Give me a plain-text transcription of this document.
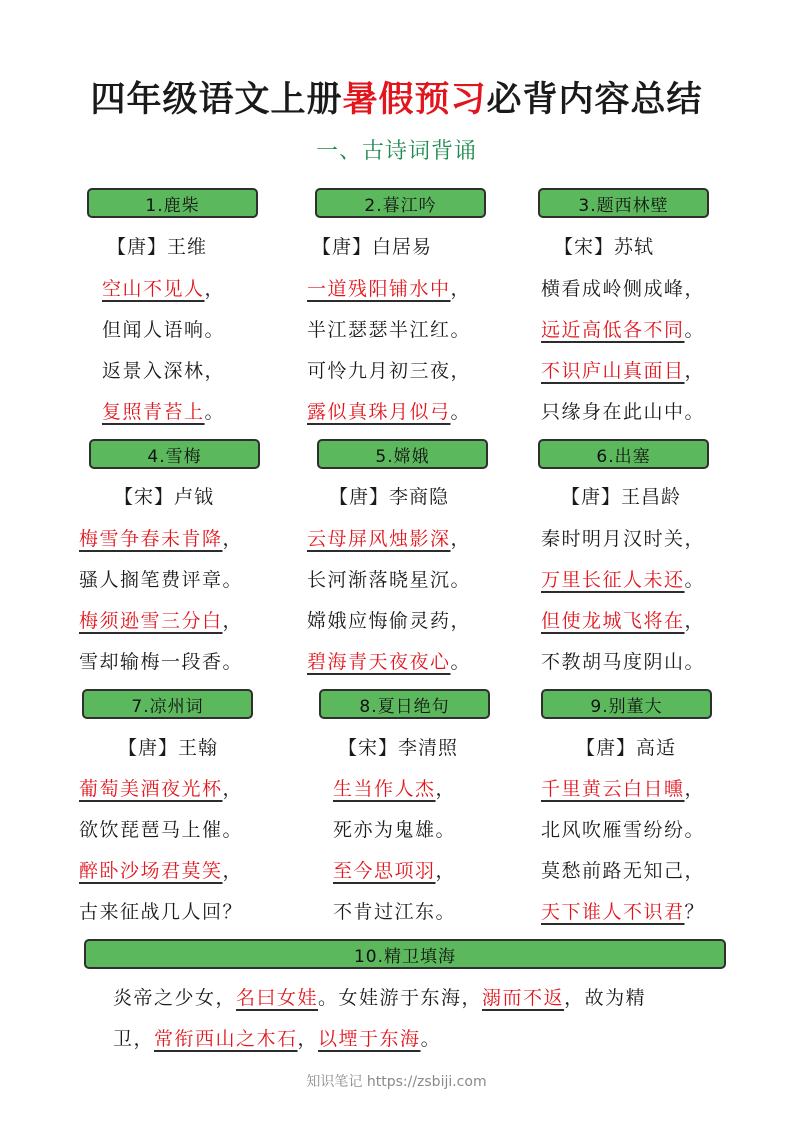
四年级语文上册暑假预习必背内容总结
一、古诗词背诵
1.鹿柴	2.暮江吟	3.题西林壁
【唐】王维	【唐】白居易	【宋】苏轼
空山不见人，
但闻人语响。
返景入深林，
复照青苔上。
一道残阳铺水中，
半江瑟瑟半江红。
可怜九月初三夜，
露似真珠月似弓。
横看成岭侧成峰，
远近高低各不同。
不识庐山真面目，
只缘身在此山中。
4.雪梅	5.嫦娥	6.出塞
【宋】卢钺	【唐】李商隐	【唐】王昌龄
梅雪争春未肯降，
骚人搁笔费评章。
梅须逊雪三分白，
雪却输梅一段香。
云母屏风烛影深，
长河渐落晓星沉。
嫦娥应悔偷灵药，
碧海青天夜夜心。
秦时明月汉时关，
万里长征人未还。
但使龙城飞将在，
不教胡马度阴山。
7.凉州词	8.夏日绝句	9.别董大
【唐】王翰	【宋】李清照	【唐】高适
葡萄美酒夜光杯，
欲饮琵琶马上催。
醉卧沙场君莫笑，
古来征战几人回？
生当作人杰，
死亦为鬼雄。
至今思项羽，
不肯过江东。
千里黄云白日曛，
北风吹雁雪纷纷。
莫愁前路无知己，
天下谁人不识君？
10.精卫填海
炎帝之少女，名曰女娃。女娃游于东海，溺而不返，故为精
卫，常衔西山之木石，以堙于东海。
知识笔记 https://zsbiji.com
